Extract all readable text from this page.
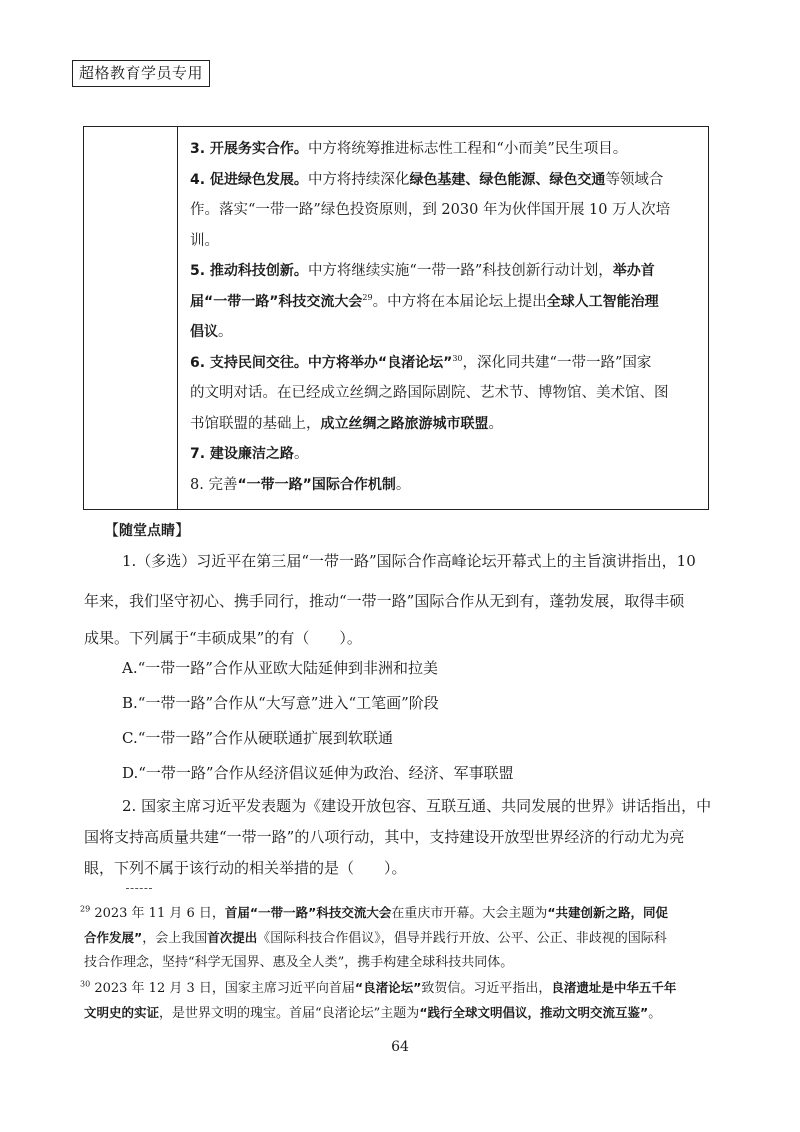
超格教育学员专用
3. 开展务实合作。中方将统筹推进标志性工程和“小而美”民生项目。
4. 促进绿色发展。中方将持续深化绿色基建、绿色能源、绿色交通等领域合
作。落实“一带一路”绿色投资原则，到 2030 年为伙伴国开展 10 万人次培
训。
5. 推动科技创新。中方将继续实施“一带一路”科技创新行动计划，举办首
届“一带一路”科技交流大会$^{29}$。中方将在本届论坛上提出全球人工智能治理
倡议。
6. 支持民间交往。中方将举办“良渚论坛”$^{30}$，深化同共建“一带一路”国家
的文明对话。在已经成立丝绸之路国际剧院、艺术节、博物馆、美术馆、图
书馆联盟的基础上，成立丝绸之路旅游城市联盟。
7. 建设廉洁之路。
8. 完善“一带一路”国际合作机制。
【随堂点睛】
1.（多选）习近平在第三届“一带一路”国际合作高峰论坛开幕式上的主旨演讲指出，10
年来，我们坚守初心、携手同行，推动“一带一路”国际合作从无到有，蓬勃发展，取得丰硕
成果。下列属于“丰硕成果”的有（　　）。
A.“一带一路”合作从亚欧大陆延伸到非洲和拉美
B.“一带一路”合作从“大写意”进入“工笔画”阶段
C.“一带一路”合作从硬联通扩展到软联通
D.“一带一路”合作从经济倡议延伸为政治、经济、军事联盟
2. 国家主席习近平发表题为《建设开放包容、互联互通、共同发展的世界》讲话指出，中
国将支持高质量共建“一带一路”的八项行动，其中，支持建设开放型世界经济的行动尤为亮
眼，下列不属于该行动的相关举措的是（　　）。
$^{29}$ 2023 年 11 月 6 日，首届“一带一路”科技交流大会在重庆市开幕。大会主题为“共建创新之路，同促
合作发展”，会上我国首次提出《国际科技合作倡议》，倡导并践行开放、公平、公正、非歧视的国际科
技合作理念，坚持“科学无国界、惠及全人类”，携手构建全球科技共同体。
$^{30}$ 2023 年 12 月 3 日，国家主席习近平向首届“良渚论坛”致贺信。习近平指出，良渚遗址是中华五千年
文明史的实证，是世界文明的瑰宝。首届“良渚论坛”主题为“践行全球文明倡议，推动文明交流互鉴”。
64
